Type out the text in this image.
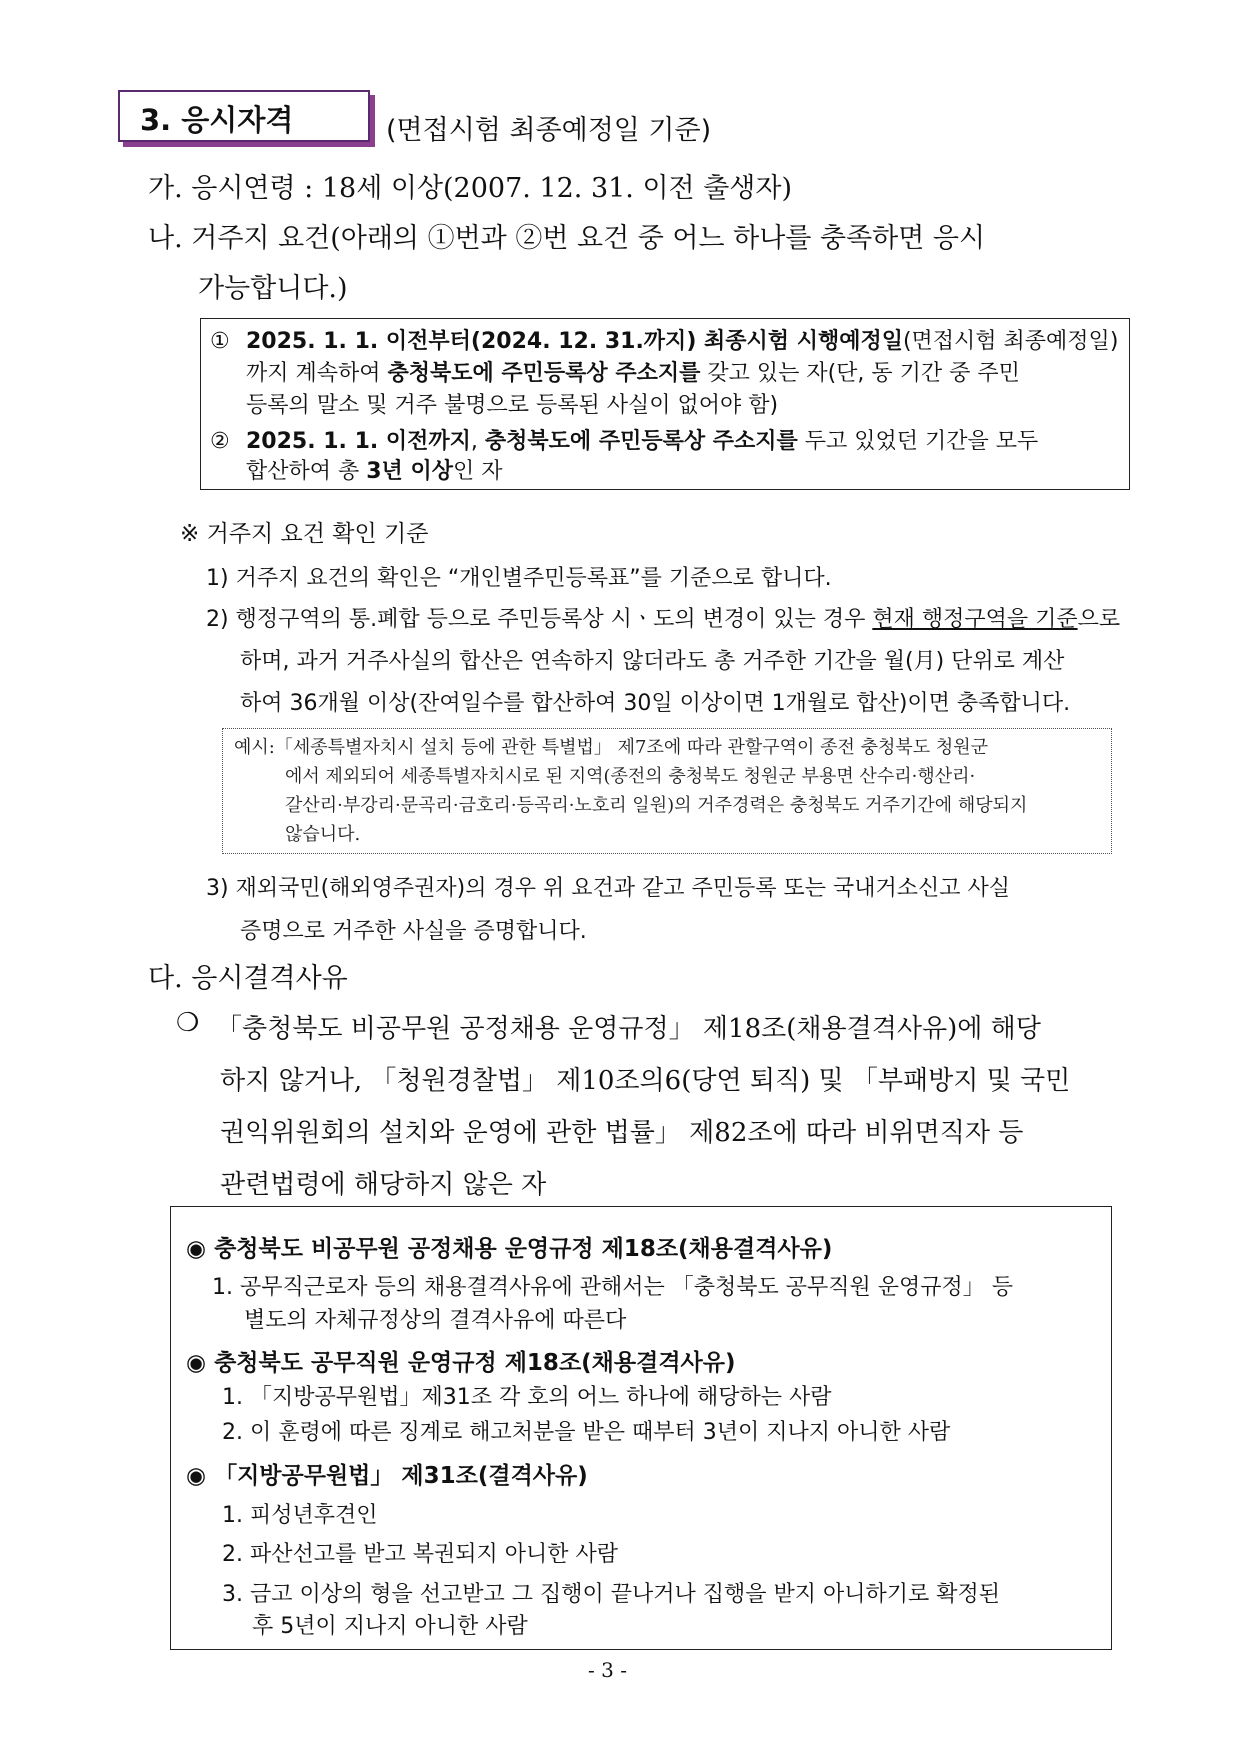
3. 응시자격	(면접시험 최종예정일 기준)
가. 응시연령 : 18세 이상(2007. 12. 31. 이전 출생자)
나. 거주지 요건(아래의 ①번과 ②번 요건 중 어느 하나를 충족하면 응시
가능합니다.)
① 2025. 1. 1. 이전부터(2024. 12. 31.까지) 최종시험 시행예정일(면접시험 최종예정일)
까지 계속하여 충청북도에 주민등록상 주소지를 갖고 있는 자(단, 동 기간 중 주민
등록의 말소 및 거주 불명으로 등록된 사실이 없어야 함)
② 2025. 1. 1. 이전까지, 충청북도에 주민등록상 주소지를 두고 있었던 기간을 모두
합산하여 총 3년 이상인 자
※ 거주지 요건 확인 기준
1) 거주지 요건의 확인은 “개인별주민등록표”를 기준으로 합니다.
2) 행정구역의 통.폐합 등으로 주민등록상 시ㆍ도의 변경이 있는 경우 현재 행정구역을 기준으로
하며, 과거 거주사실의 합산은 연속하지 않더라도 총 거주한 기간을 월(月) 단위로 계산
하여 36개월 이상(잔여일수를 합산하여 30일 이상이면 1개월로 합산)이면 충족합니다.
예시:「세종특별자치시 설치 등에 관한 특별법」 제7조에 따라 관할구역이 종전 충청북도 청원군
에서 제외되어 세종특별자치시로 된 지역(종전의 충청북도 청원군 부용면 산수리·행산리·
갈산리·부강리·문곡리·금호리·등곡리·노호리 일원)의 거주경력은 충청북도 거주기간에 해당되지
않습니다.
3) 재외국민(해외영주권자)의 경우 위 요건과 같고 주민등록 또는 국내거소신고 사실
증명으로 거주한 사실을 증명합니다.
다. 응시결격사유
❍ 「충청북도 비공무원 공정채용 운영규정」 제18조(채용결격사유)에 해당
하지 않거나, 「청원경찰법」 제10조의6(당연 퇴직) 및 「부패방지 및 국민
권익위원회의 설치와 운영에 관한 법률」 제82조에 따라 비위면직자 등
관련법령에 해당하지 않은 자
◉ 충청북도 비공무원 공정채용 운영규정 제18조(채용결격사유)
1. 공무직근로자 등의 채용결격사유에 관해서는 「충청북도 공무직원 운영규정」 등
별도의 자체규정상의 결격사유에 따른다
◉ 충청북도 공무직원 운영규정 제18조(채용결격사유)
1. 「지방공무원법」제31조 각 호의 어느 하나에 해당하는 사람
2. 이 훈령에 따른 징계로 해고처분을 받은 때부터 3년이 지나지 아니한 사람
◉ 「지방공무원법」 제31조(결격사유)
1. 피성년후견인
2. 파산선고를 받고 복권되지 아니한 사람
3. 금고 이상의 형을 선고받고 그 집행이 끝나거나 집행을 받지 아니하기로 확정된
후 5년이 지나지 아니한 사람
- 3 -
